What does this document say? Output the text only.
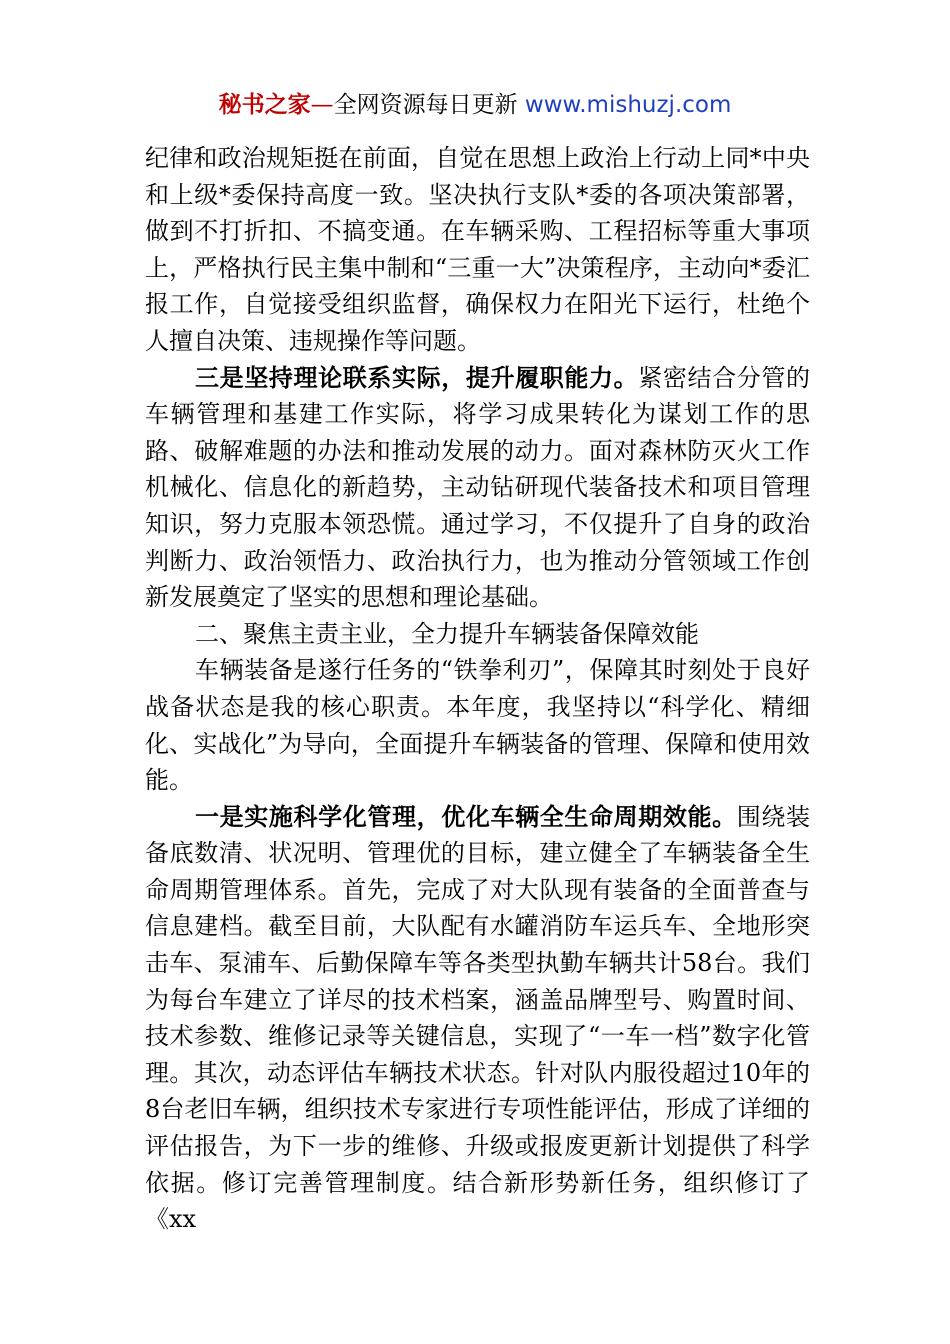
秘书之家—全网资源每日更新 www.mishuzj.com

纪律和政治规矩挺在前面，自觉在思想上政治上行动上同*中央和上级*委保持高度一致。坚决执行支队*委的各项决策部署，做到不打折扣、不搞变通。在车辆采购、工程招标等重大事项上，严格执行民主集中制和“三重一大”决策程序，主动向*委汇报工作，自觉接受组织监督，确保权力在阳光下运行，杜绝个人擅自决策、违规操作等问题。

三是坚持理论联系实际，提升履职能力。紧密结合分管的车辆管理和基建工作实际，将学习成果转化为谋划工作的思路、破解难题的办法和推动发展的动力。面对森林防灭火工作机械化、信息化的新趋势，主动钻研现代装备技术和项目管理知识，努力克服本领恐慌。通过学习，不仅提升了自身的政治判断力、政治领悟力、政治执行力，也为推动分管领域工作创新发展奠定了坚实的思想和理论基础。

二、聚焦主责主业，全力提升车辆装备保障效能

车辆装备是遂行任务的“铁拳利刃”，保障其时刻处于良好战备状态是我的核心职责。本年度，我坚持以“科学化、精细化、实战化”为导向，全面提升车辆装备的管理、保障和使用效能。

一是实施科学化管理，优化车辆全生命周期效能。围绕装备底数清、状况明、管理优的目标，建立健全了车辆装备全生命周期管理体系。首先，完成了对大队现有装备的全面普查与信息建档。截至目前，大队配有水罐消防车运兵车、全地形突击车、泵浦车、后勤保障车等各类型执勤车辆共计58台。我们为每台车建立了详尽的技术档案，涵盖品牌型号、购置时间、技术参数、维修记录等关键信息，实现了“一车一档”数字化管理。其次，动态评估车辆技术状态。针对队内服役超过10年的8台老旧车辆，组织技术专家进行专项性能评估，形成了详细的评估报告，为下一步的维修、升级或报废更新计划提供了科学依据。修订完善管理制度。结合新形势新任务，组织修订了《xx
